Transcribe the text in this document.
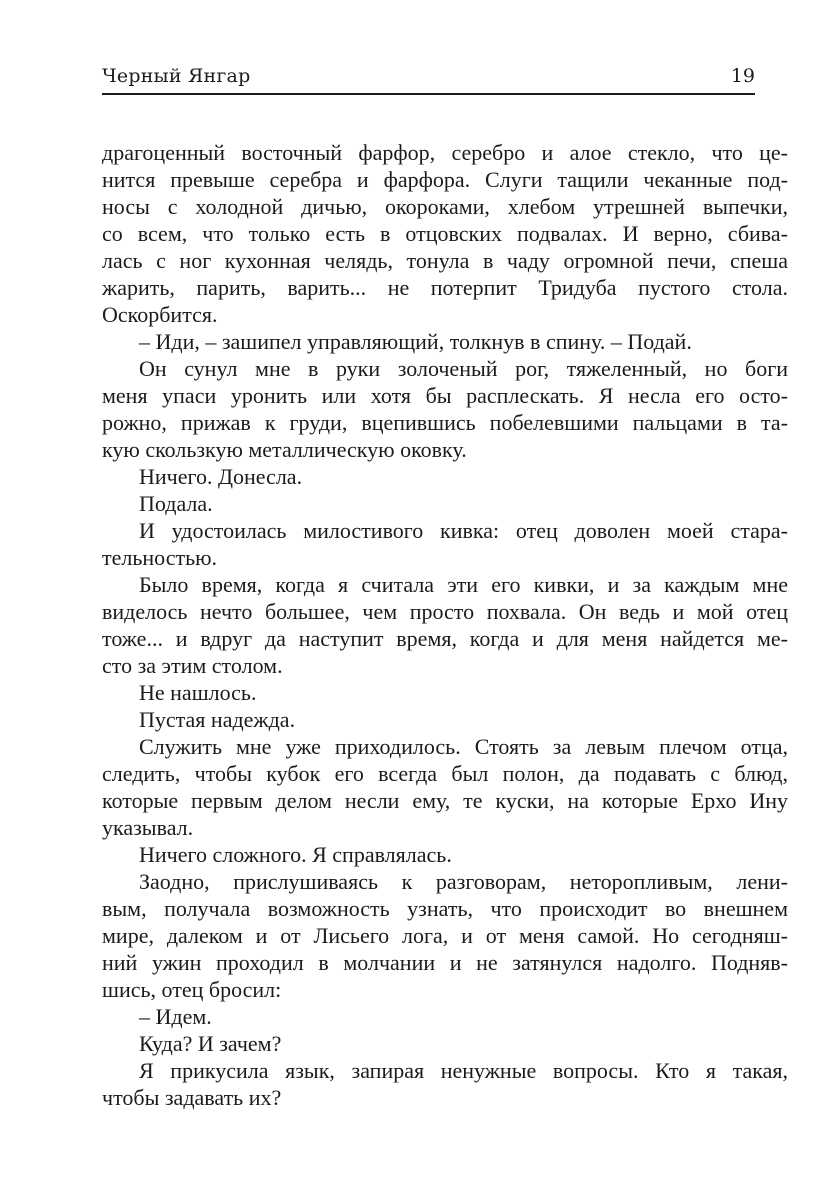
Черный Янгар	19
драгоценный восточный фарфор, серебро и алое стекло, что це-
нится превыше серебра и фарфора. Слуги тащили чеканные под-
носы с холодной дичью, окороками, хлебом утрешней выпечки,
со всем, что только есть в отцовских подвалах. И верно, сбива-
лась с ног кухонная челядь, тонула в чаду огромной печи, спеша
жарить, парить, варить... не потерпит Тридуба пустого стола.
Оскорбится.
– Иди, – зашипел управляющий, толкнув в спину. – Подай.
Он сунул мне в руки золоченый рог, тяжеленный, но боги
меня упаси уронить или хотя бы расплескать. Я несла его осто-
рожно, прижав к груди, вцепившись побелевшими пальцами в та-
кую скользкую металлическую оковку.
Ничего. Донесла.
Подала.
И удостоилась милостивого кивка: отец доволен моей стара-
тельностью.
Было время, когда я считала эти его кивки, и за каждым мне
виделось нечто большее, чем просто похвала. Он ведь и мой отец
тоже... и вдруг да наступит время, когда и для меня найдется ме-
сто за этим столом.
Не нашлось.
Пустая надежда.
Служить мне уже приходилось. Стоять за левым плечом отца,
следить, чтобы кубок его всегда был полон, да подавать с блюд,
которые первым делом несли ему, те куски, на которые Ерхо Ину
указывал.
Ничего сложного. Я справлялась.
Заодно, прислушиваясь к разговорам, неторопливым, лени-
вым, получала возможность узнать, что происходит во внешнем
мире, далеком и от Лисьего лога, и от меня самой. Но сегодняш-
ний ужин проходил в молчании и не затянулся надолго. Подняв-
шись, отец бросил:
– Идем.
Куда? И зачем?
Я прикусила язык, запирая ненужные вопросы. Кто я такая,
чтобы задавать их?
